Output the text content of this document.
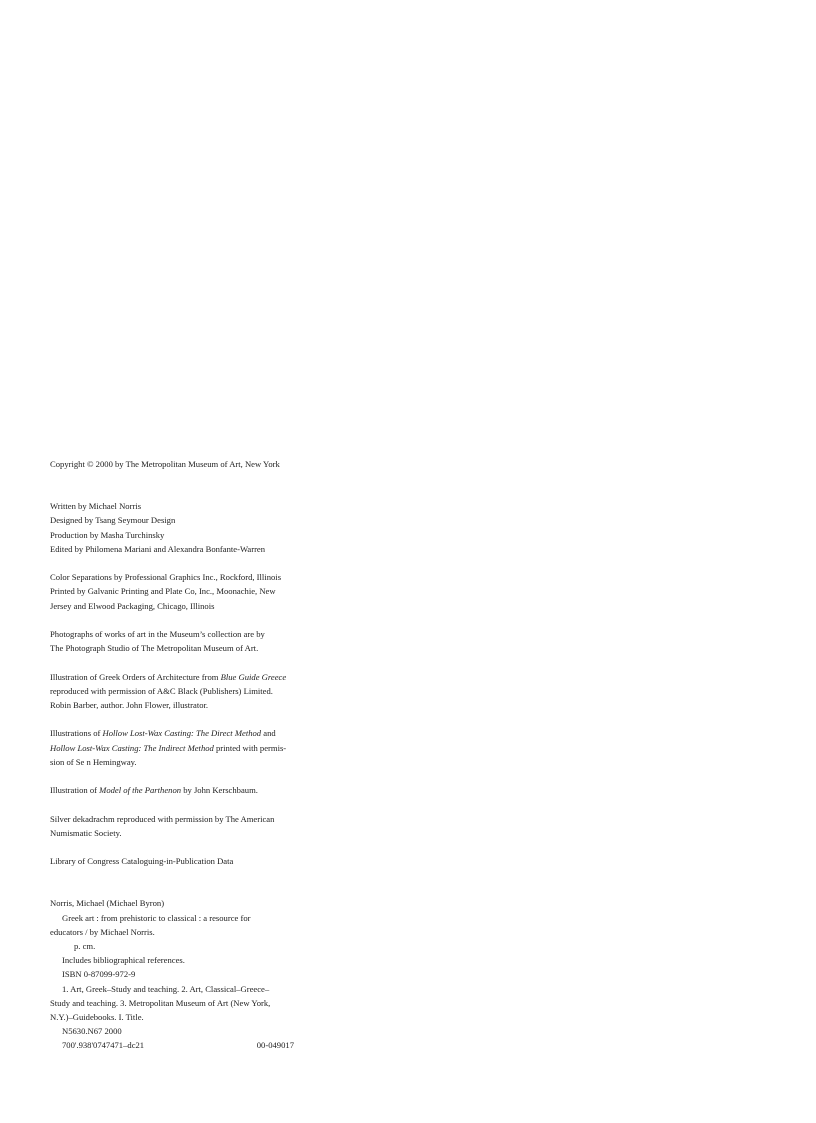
Copyright © 2000 by The Metropolitan Museum of Art, New York
Written by Michael Norris
Designed by Tsang Seymour Design
Production by Masha Turchinsky
Edited by Philomena Mariani and Alexandra Bonfante-Warren
Color Separations by Professional Graphics Inc., Rockford, Illinois
Printed by Galvanic Printing and Plate Co, Inc., Moonachie, New
Jersey and Elwood Packaging, Chicago, Illinois
Photographs of works of art in the Museum’s collection are by
The Photograph Studio of The Metropolitan Museum of Art.
Illustration of Greek Orders of Architecture from Blue Guide Greece
reproduced with permission of A&C Black (Publishers) Limited.
Robin Barber, author. John Flower, illustrator.
Illustrations of Hollow Lost-Wax Casting: The Direct Method and
Hollow Lost-Wax Casting: The Indirect Method printed with permis-
sion of Se n Hemingway.
Illustration of Model of the Parthenon by John Kerschbaum.
Silver dekadrachm reproduced with permission by The American
Numismatic Society.
Library of Congress Cataloguing-in-Publication Data
Norris, Michael (Michael Byron)
Greek art : from prehistoric to classical : a resource for
educators / by Michael Norris.
p. cm.
Includes bibliographical references.
ISBN 0-87099-972-9
1. Art, Greek–Study and teaching. 2. Art, Classical–Greece–
Study and teaching. 3. Metropolitan Museum of Art (New York,
N.Y.)–Guidebooks. I. Title.
N5630.N67 2000
700'.938'0747471–dc21	00-049017
